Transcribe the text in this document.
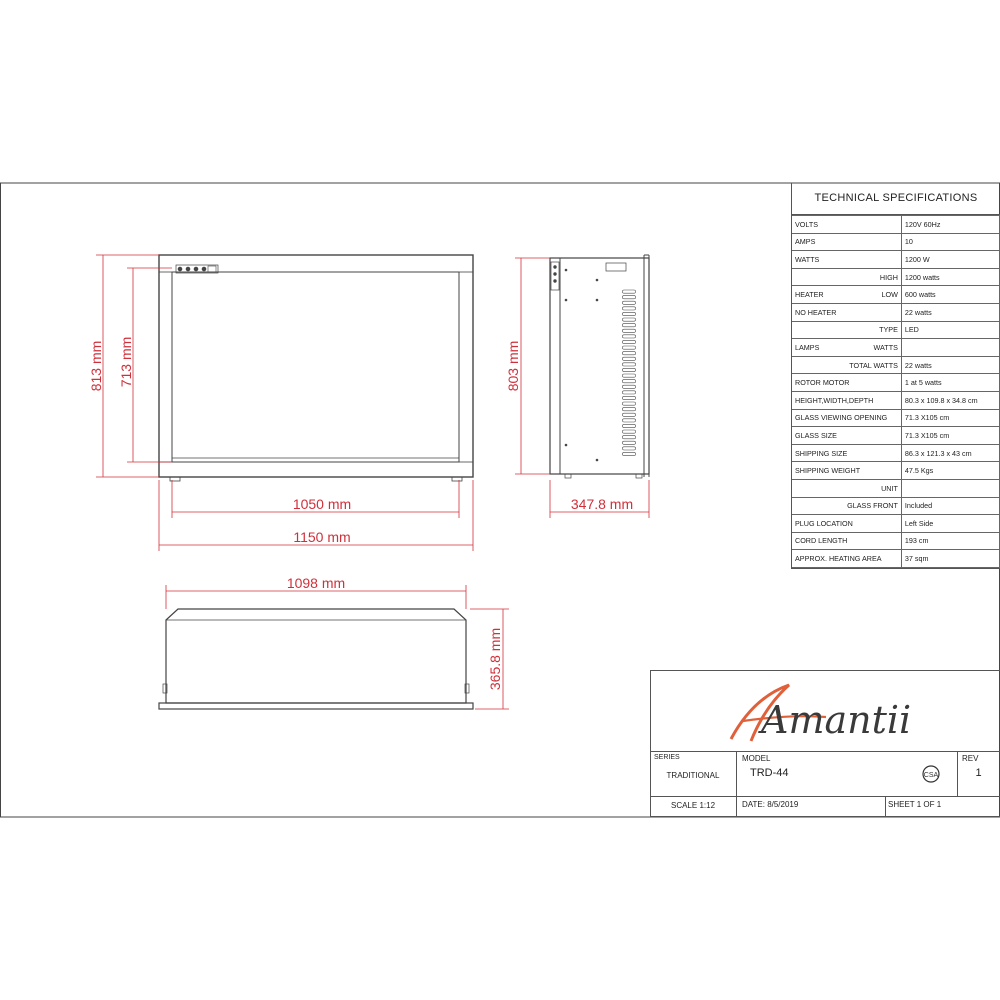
813 mm 713 mm
1050 mm
1150 mm
803 mm
347.8 mm
1098 mm
365.8 mm
TECHNICAL SPECIFICATIONS
VOLTS	120V 60Hz

AMPS	10

WATTS	1200 W

HIGH	1200 watts

HEATER LOW	600 watts

NO HEATER	22 watts

TYPE	LED

LAMPS WATTS	

TOTAL WATTS	22 watts

ROTOR MOTOR	1 at 5 watts

HEIGHT,WIDTH,DEPTH	80.3 x 109.8 x 34.8 cm

GLASS VIEWING OPENING	71.3 X105 cm

GLASS SIZE	71.3 X105 cm

SHIPPING SIZE	86.3 x 121.3 x 43 cm

SHIPPING WEIGHT	47.5 Kgs

UNIT	

GLASS FRONT	Included

PLUG LOCATION	Left Side

CORD LENGTH	193 cm

APPROX. HEATING AREA	37 sqm
Amantii
SERIES
TRADITIONAL
MODEL
TRD-44	CSA
REV
1
SCALE 1:12	DATE: 8/5/2019	SHEET 1 OF 1
